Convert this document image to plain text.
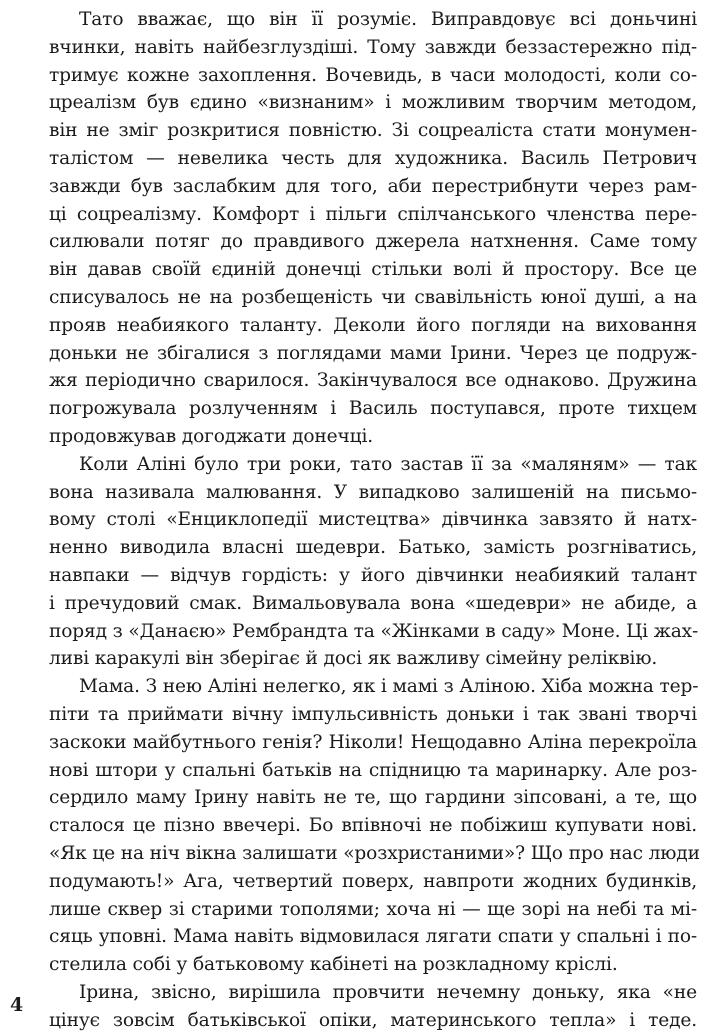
Тато вважає, що він її розуміє. Виправдовує всі доньчині
вчинки, навіть найбезглуздіші. Тому завжди беззастережно під-
тримує кожне захоплення. Вочевидь, в часи молодості, коли со-
цреалізм був єдино «визнаним» і можливим творчим методом,
він не зміг розкритися повністю. Зі соцреаліста стати монумен-
талістом — невелика честь для художника. Василь Петрович
завжди був заслабким для того, аби перестрибнути через рам-
ці соцреалізму. Комфорт і пільги спілчанського членства пере-
силювали потяг до правдивого джерела натхнення. Саме тому
він давав своїй єдиній донечці стільки волі й простору. Все це
списувалось не на розбещеність чи свавільність юної душі, а на
прояв неабиякого таланту. Деколи його погляди на виховання
доньки не збігалися з поглядами мами Ірини. Через це подруж-
жя періодично сварилося. Закінчувалося все однаково. Дружина
погрожувала розлученням і Василь поступався, проте тихцем
продовжував догоджати донечці.
Коли Аліні було три роки, тато застав її за «маляням» — так
вона називала малювання. У випадково залишеній на письмо-
вому столі «Енциклопедії мистецтва» дівчинка завзято й натх-
ненно виводила власні шедеври. Батько, замість розгніватись,
навпаки — відчув гордість: у його дівчинки неабиякий талант
і пречудовий смак. Вимальовувала вона «шедеври» не абиде, а
поряд з «Данаєю» Рембрандта та «Жінками в саду» Моне. Ці жах-
ливі каракулі він зберігає й досі як важливу сімейну реліквію.
Мама. З нею Аліні нелегко, як і мамі з Аліною. Хіба можна тер-
піти та приймати вічну імпульсивність доньки і так звані творчі
заскоки майбутнього генія? Ніколи! Нещодавно Аліна перекроїла
нові штори у спальні батьків на спідницю та маринарку. Але роз-
сердило маму Ірину навіть не те, що гардини зіпсовані, а те, що
сталося це пізно ввечері. Бо впівночі не побіжиш купувати нові.
«Як це на ніч вікна залишати «розхристаними»? Що про нас люди
подумають!» Ага, четвертий поверх, навпроти жодних будинків,
лише сквер зі старими тополями; хоча ні — ще зорі на небі та мі-
сяць уповні. Мама навіть відмовилася лягати спати у спальні і по-
стелила собі у батьковому кабінеті на розкладному кріслі.
Ірина, звісно, вирішила провчити нечемну доньку, яка «не
цінує зовсім батьківської опіки, материнського тепла» і теде.
4
